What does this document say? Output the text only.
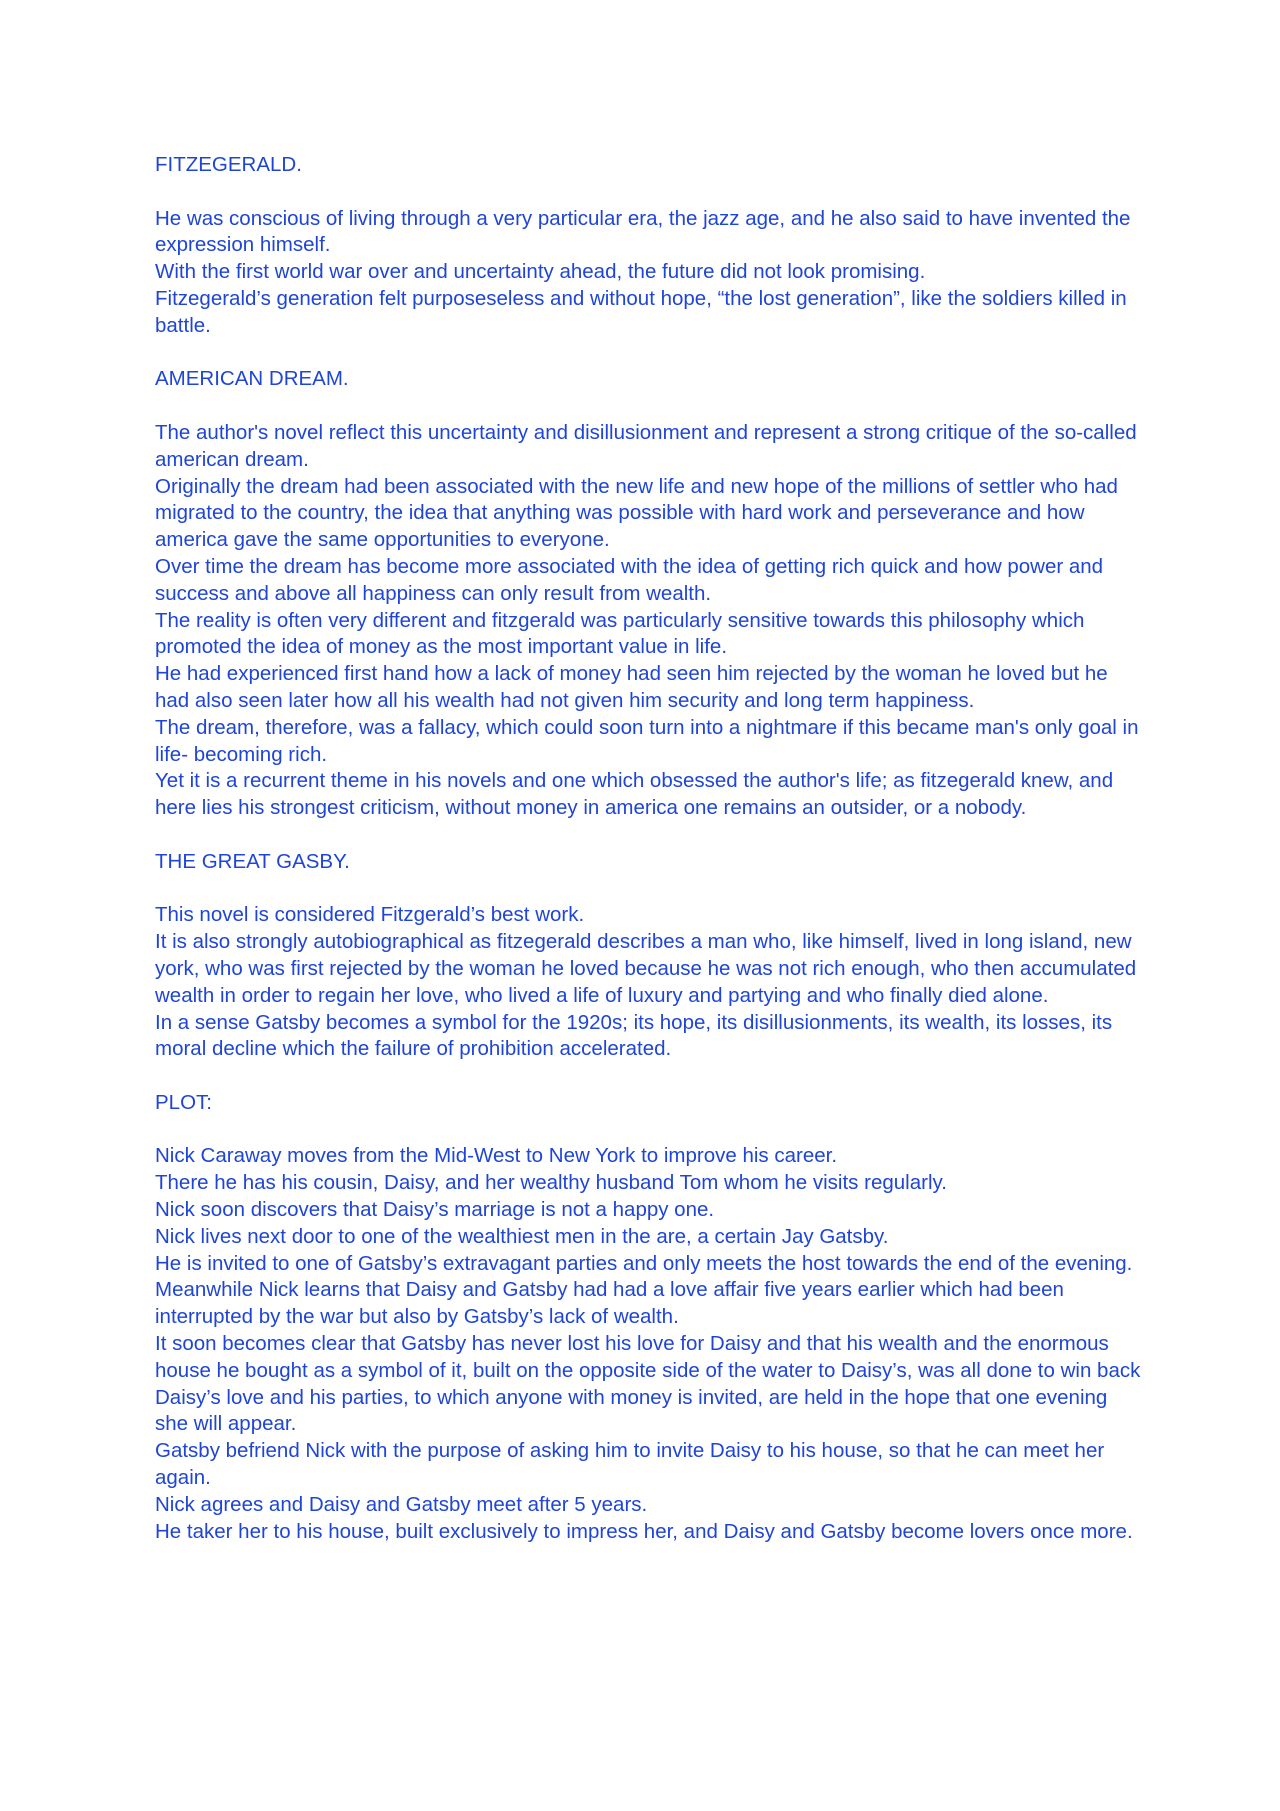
FITZEGERALD.

He was conscious of living through a very particular era, the jazz age, and he also said to have invented the expression himself.

With the first world war over and uncertainty ahead, the future did not look promising.

Fitzegerald’s generation felt purposeseless and without hope, “the lost generation”, like the soldiers killed in battle.

AMERICAN DREAM.

The author's novel reflect this uncertainty and disillusionment and represent a strong critique of the so-called american dream.

Originally the dream had been associated with the new life and new hope of the millions of settler who had migrated to the country, the idea that anything was possible with hard work and perseverance and how america gave the same opportunities to everyone.

Over time the dream has become more associated with the idea of getting rich quick and how power and success and above all happiness can only result from wealth.

The reality is often very different and fitzgerald was particularly sensitive towards this philosophy which promoted the idea of money as the most important value in life.

He had experienced first hand how a lack of money had seen him rejected by the woman he loved but he had also seen later how all his wealth had not given him security and long term happiness.

The dream, therefore, was a fallacy, which could soon turn into a nightmare if this became man's only goal in life- becoming rich.

Yet it is a recurrent theme in his novels and one which obsessed the author's life; as fitzegerald knew, and here lies his strongest criticism, without money in america one remains an outsider, or a nobody.

THE GREAT GASBY.

This novel is considered Fitzgerald’s best work.

It is also strongly autobiographical as fitzegerald describes a man who, like himself, lived in long island, new york, who was first rejected by the woman he loved because he was not rich enough, who then accumulated wealth in order to regain her love, who lived a life of luxury and partying and who finally died alone.

In a sense Gatsby becomes a symbol for the 1920s; its hope, its disillusionments, its wealth, its losses, its moral decline which the failure of prohibition accelerated.

PLOT:

Nick Caraway moves from the Mid-West to New York to improve his career.

There he has his cousin, Daisy, and her wealthy husband Tom whom he visits regularly.

Nick soon discovers that Daisy’s marriage is not a happy one.

Nick lives next door to one of the wealthiest men in the are, a certain Jay Gatsby.

He is invited to one of Gatsby’s extravagant parties and only meets the host towards the end of the evening.

Meanwhile Nick learns that Daisy and Gatsby had had a love affair five years earlier which had been interrupted by the war but also by Gatsby’s lack of wealth.

It soon becomes clear that Gatsby has never lost his love for Daisy and that his wealth and the enormous house he bought as a symbol of it, built on the opposite side of the water to Daisy’s, was all done to win back Daisy’s love and his parties, to which anyone with money is invited, are held in the hope that one evening she will appear.

Gatsby befriend Nick with the purpose of asking him to invite Daisy to his house, so that he can meet her again.

Nick agrees and Daisy and Gatsby meet after 5 years.

He taker her to his house, built exclusively to impress her, and Daisy and Gatsby become lovers once more.
